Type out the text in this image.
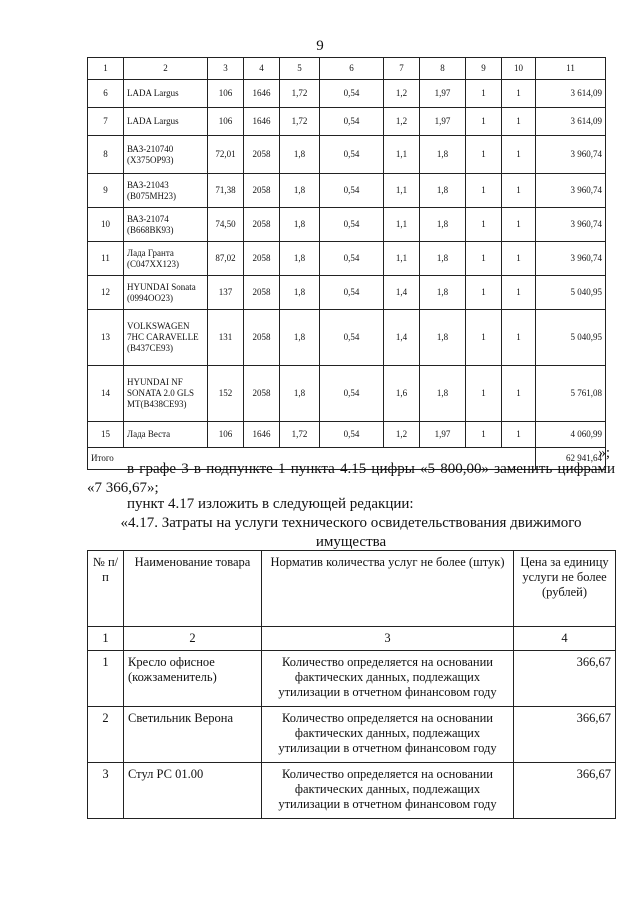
9
1	2	3	4	5	6	7	8	9	10	11
6	LADA Largus	106	1646	1,72	0,54	1,2	1,97	1	1	3 614,09
7	LADA Largus	106	1646	1,72	0,54	1,2	1,97	1	1	3 614,09
8	ВАЗ-210740 (Х375ОР93)	72,01	2058	1,8	0,54	1,1	1,8	1	1	3 960,74
9	ВАЗ-21043 (В075МН23)	71,38	2058	1,8	0,54	1,1	1,8	1	1	3 960,74
10	ВАЗ-21074 (В668ВК93)	74,50	2058	1,8	0,54	1,1	1,8	1	1	3 960,74
11	Лада Гранта (С047ХХ123)	87,02	2058	1,8	0,54	1,1	1,8	1	1	3 960,74
12	HYUNDAI Sonata (0994ОО23)	137	2058	1,8	0,54	1,4	1,8	1	1	5 040,95
13	VOLKSWAGEN 7HC CARAVELLE (В437СЕ93)	131	2058	1,8	0,54	1,4	1,8	1	1	5 040,95
14	HYUNDAI NF SONATA 2.0 GLS MT(В438СЕ93)	152	2058	1,8	0,54	1,6	1,8	1	1	5 761,08
15	Лада Веста	106	1646	1,72	0,54	1,2	1,97	1	1	4 060,99
Итого										62 941,64
»;
в графе 3 в подпункте 1 пункта 4.15 цифры «5 800,00» заменить цифрами «7 366,67»;
пункт 4.17 изложить в следующей редакции:
«4.17. Затраты на услуги технического освидетельствования движимого имущества
№ п/п	Наименование товара	Норматив количества услуг не более (штук)	Цена за единицу услуги не более (рублей)
1	2	3	4
1	Кресло офисное (кожзаменитель)	Количество определяется на основании фактических данных, подлежащих утилизации в отчетном финансовом году	366,67
2	Светильник Верона	Количество определяется на основании фактических данных, подлежащих утилизации в отчетном финансовом году	366,67
3	Стул РС 01.00	Количество определяется на основании фактических данных, подлежащих утилизации в отчетном финансовом году	366,67
